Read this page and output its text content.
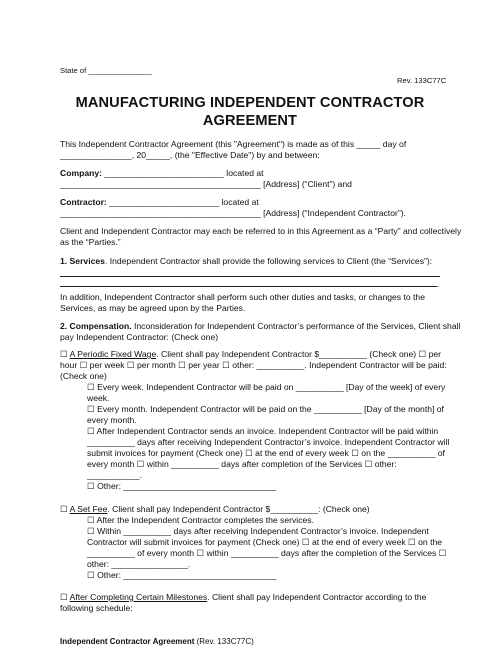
State of _______________
Rev. 133C77C
MANUFACTURING INDEPENDENT CONTRACTOR
AGREEMENT
This Independent Contractor Agreement (this "Agreement") is made as of this _____ day of
_______________, 20_____, (the "Effective Date") by and between:
Company: _________________________ located at
__________________________________________ [Address] (“Client”) and
Contractor: _______________________ located at
__________________________________________ [Address] (“Independent Contractor”).
Client and Independent Contractor may each be referred to in this Agreement as a “Party” and collectively
as the “Parties.”
1. Services. Independent Contractor shall provide the following services to Client (the “Services”):
.
In addition, Independent Contractor shall perform such other duties and tasks, or changes to the
Services, as may be agreed upon by the Parties.
2. Compensation. Inconsideration for Independent Contractor’s performance of the Services, Client shall
pay Independent Contractor: (Check one)
☐ A Periodic Fixed Wage. Client shall pay Independent Contractor $__________ (Check one) ☐ per
hour ☐ per week ☐ per month ☐ per year ☐ other: __________. Independent Contractor will be paid:
(Check one)
☐ Every week. Independent Contractor will be paid on __________ [Day of the week] of every
week.
☐ Every month. Independent Contractor will be paid on the __________ [Day of the month] of
every month.
☐ After Independent Contractor sends an invoice. Independent Contractor will be paid within
__________ days after receiving Independent Contractor’s invoice. Independent Contractor will
submit invoices for payment (Check one) ☐ at the end of every week ☐ on the __________ of
every month ☐ within __________ days after completion of the Services ☐ other:
___________.
☐ Other: ________________________________
☐ A Set Fee. Client shall pay Independent Contractor $__________: (Check one)
☐ After the Independent Contractor completes the services.
☐ Within __________ days after receiving Independent Contractor’s invoice. Independent
Contractor will submit invoices for payment (Check one) ☐ at the end of every week ☐ on the
__________ of every month ☐ within __________ days after the completion of the Services ☐
other: ________________.
☐ Other: ________________________________
☐ After Completing Certain Milestones. Client shall pay Independent Contractor according to the
following schedule:
Independent Contractor Agreement (Rev. 133C77C)
